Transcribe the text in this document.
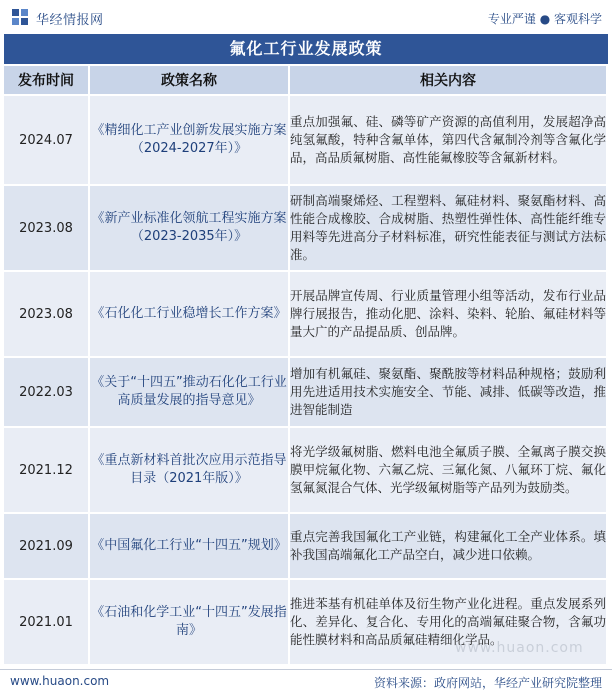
华经情报网	专业严谨 ● 客观科学
氟化工行业发展政策
发布时间	政策名称	相关内容
2024.07	《精细化工产业创新发展实施方案（2024-2027年）》	重点加强氟、硅、磷等矿产资源的高值利用，发展超净高纯氢氟酸，特种含氟单体，第四代含氟制冷剂等含氟化学品，高品质氟树脂、高性能氟橡胶等含氟新材料。
2023.08	《新产业标准化领航工程实施方案（2023-2035年）》	研制高端聚烯烃、工程塑料、氟硅材料、聚氨酯材料、高性能合成橡胶、合成树脂、热塑性弹性体、高性能纤维专用料等先进高分子材料标准，研究性能表征与测试方法标准。
2023.08	《石化化工行业稳增长工作方案》	开展品牌宣传周、行业质量管理小组等活动，发布行业品牌行展报告，推动化肥、涂料、染料、轮胎、氟硅材料等量大广的产品提品质、创品牌。
2022.03	《关于“十四五”推动石化化工行业高质量发展的指导意见》	增加有机氟硅、聚氨酯、聚酰胺等材料品种规格；鼓励利用先进适用技术实施安全、节能、减排、低碳等改造，推进智能制造
2021.12	《重点新材料首批次应用示范指导目录（2021年版）》	将光学级氟树脂、燃料电池全氟质子膜、全氟离子膜交换膜甲烷氟化物、六氟乙烷、三氟化氮、八氟环丁烷、氟化氢氟氮混合气体、光学级氟树脂等产品列为鼓励类。
2021.09	《中国氟化工行业“十四五”规划》	重点完善我国氟化工产业链，构建氟化工全产业体系。填补我国高端氟化工产品空白，减少进口依赖。
2021.01	《石油和化学工业“十四五”发展指南》	推进苯基有机硅单体及衍生物产业化进程。重点发展系列化、差异化、复合化、专用化的高端氟硅聚合物，含氟功能性膜材料和高品质氟硅精细化学品。
www.huaon.com
www.huaon.com	资料来源：政府网站，华经产业研究院整理
